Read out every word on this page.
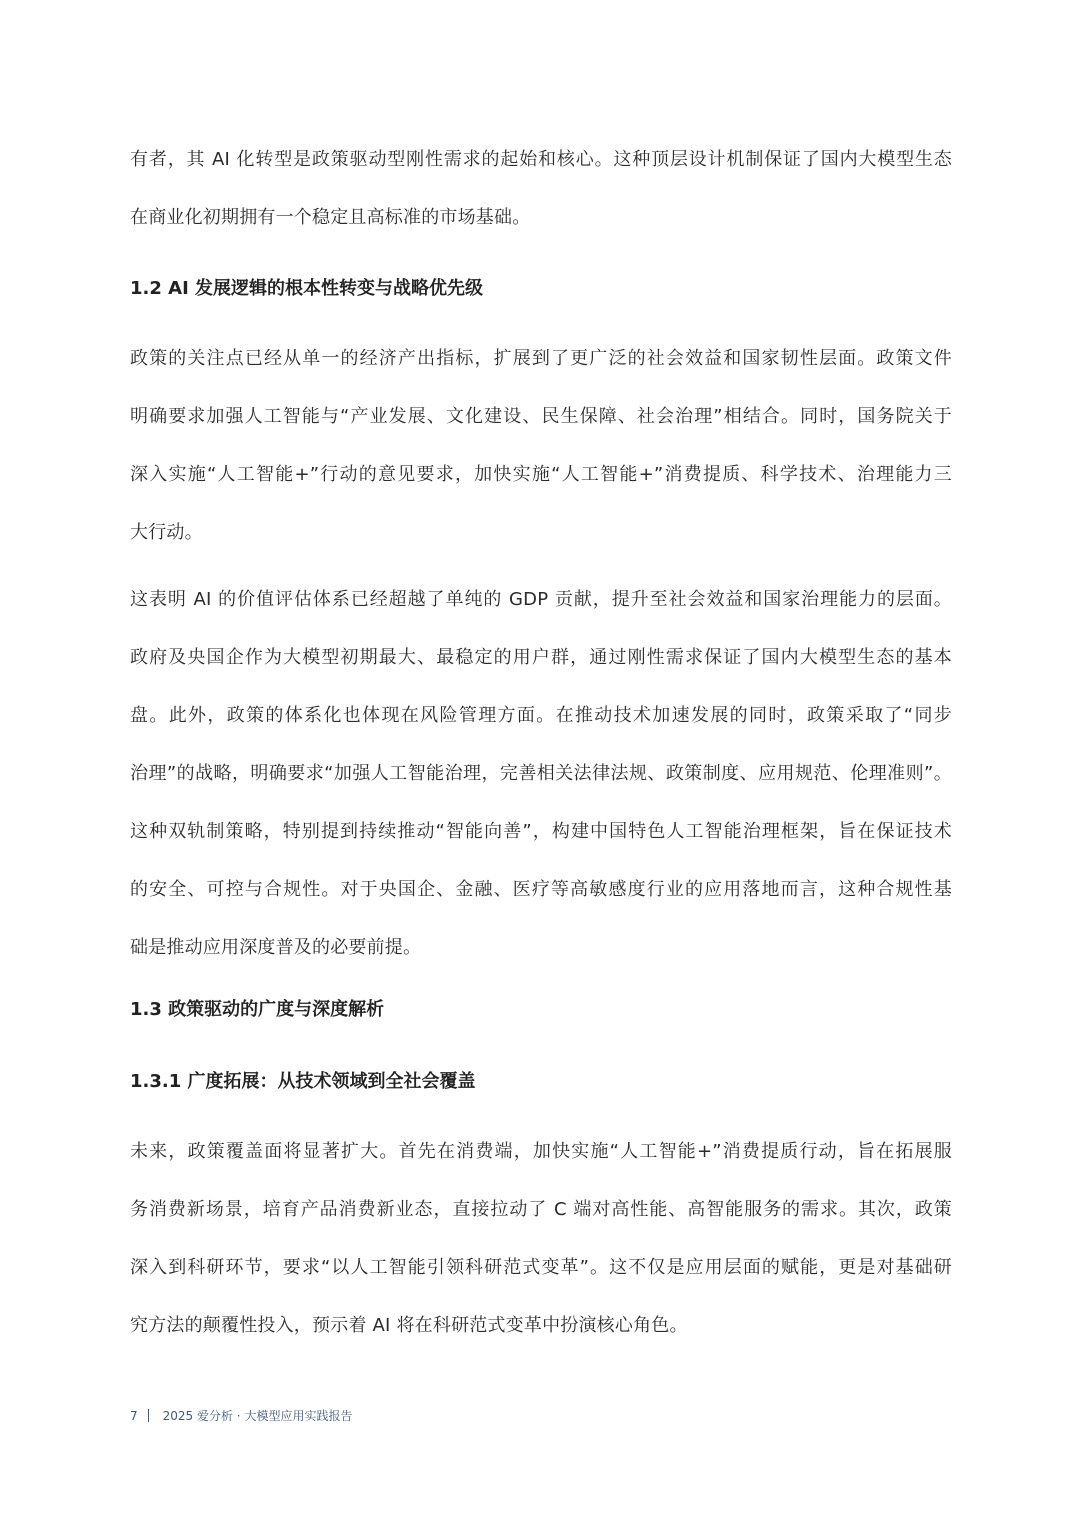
有者，其 AI 化转型是政策驱动型刚性需求的起始和核心。这种顶层设计机制保证了国内大模型生态
在商业化初期拥有一个稳定且高标准的市场基础。
1.2 AI 发展逻辑的根本性转变与战略优先级
政策的关注点已经从单一的经济产出指标，扩展到了更广泛的社会效益和国家韧性层面。政策文件
明确要求加强人工智能与“产业发展、文化建设、民生保障、社会治理”相结合。同时，国务院关于
深入实施“人工智能+”行动的意见要求，加快实施“人工智能+”消费提质、科学技术、治理能力三
大行动。
这表明 AI 的价值评估体系已经超越了单纯的 GDP 贡献，提升至社会效益和国家治理能力的层面。
政府及央国企作为大模型初期最大、最稳定的用户群，通过刚性需求保证了国内大模型生态的基本
盘。此外，政策的体系化也体现在风险管理方面。在推动技术加速发展的同时，政策采取了“同步
治理”的战略，明确要求“加强人工智能治理，完善相关法律法规、政策制度、应用规范、伦理准则”。
这种双轨制策略，特别提到持续推动“智能向善”，构建中国特色人工智能治理框架，旨在保证技术
的安全、可控与合规性。对于央国企、金融、医疗等高敏感度行业的应用落地而言，这种合规性基
础是推动应用深度普及的必要前提。
1.3 政策驱动的广度与深度解析
1.3.1 广度拓展：从技术领域到全社会覆盖
未来，政策覆盖面将显著扩大。首先在消费端，加快实施“人工智能+”消费提质行动，旨在拓展服
务消费新场景，培育产品消费新业态，直接拉动了 C 端对高性能、高智能服务的需求。其次，政策
深入到科研环节，要求“以人工智能引领科研范式变革”。这不仅是应用层面的赋能，更是对基础研
究方法的颠覆性投入，预示着 AI 将在科研范式变革中扮演核心角色。
7 2025 爱分析 · 大模型应用实践报告
